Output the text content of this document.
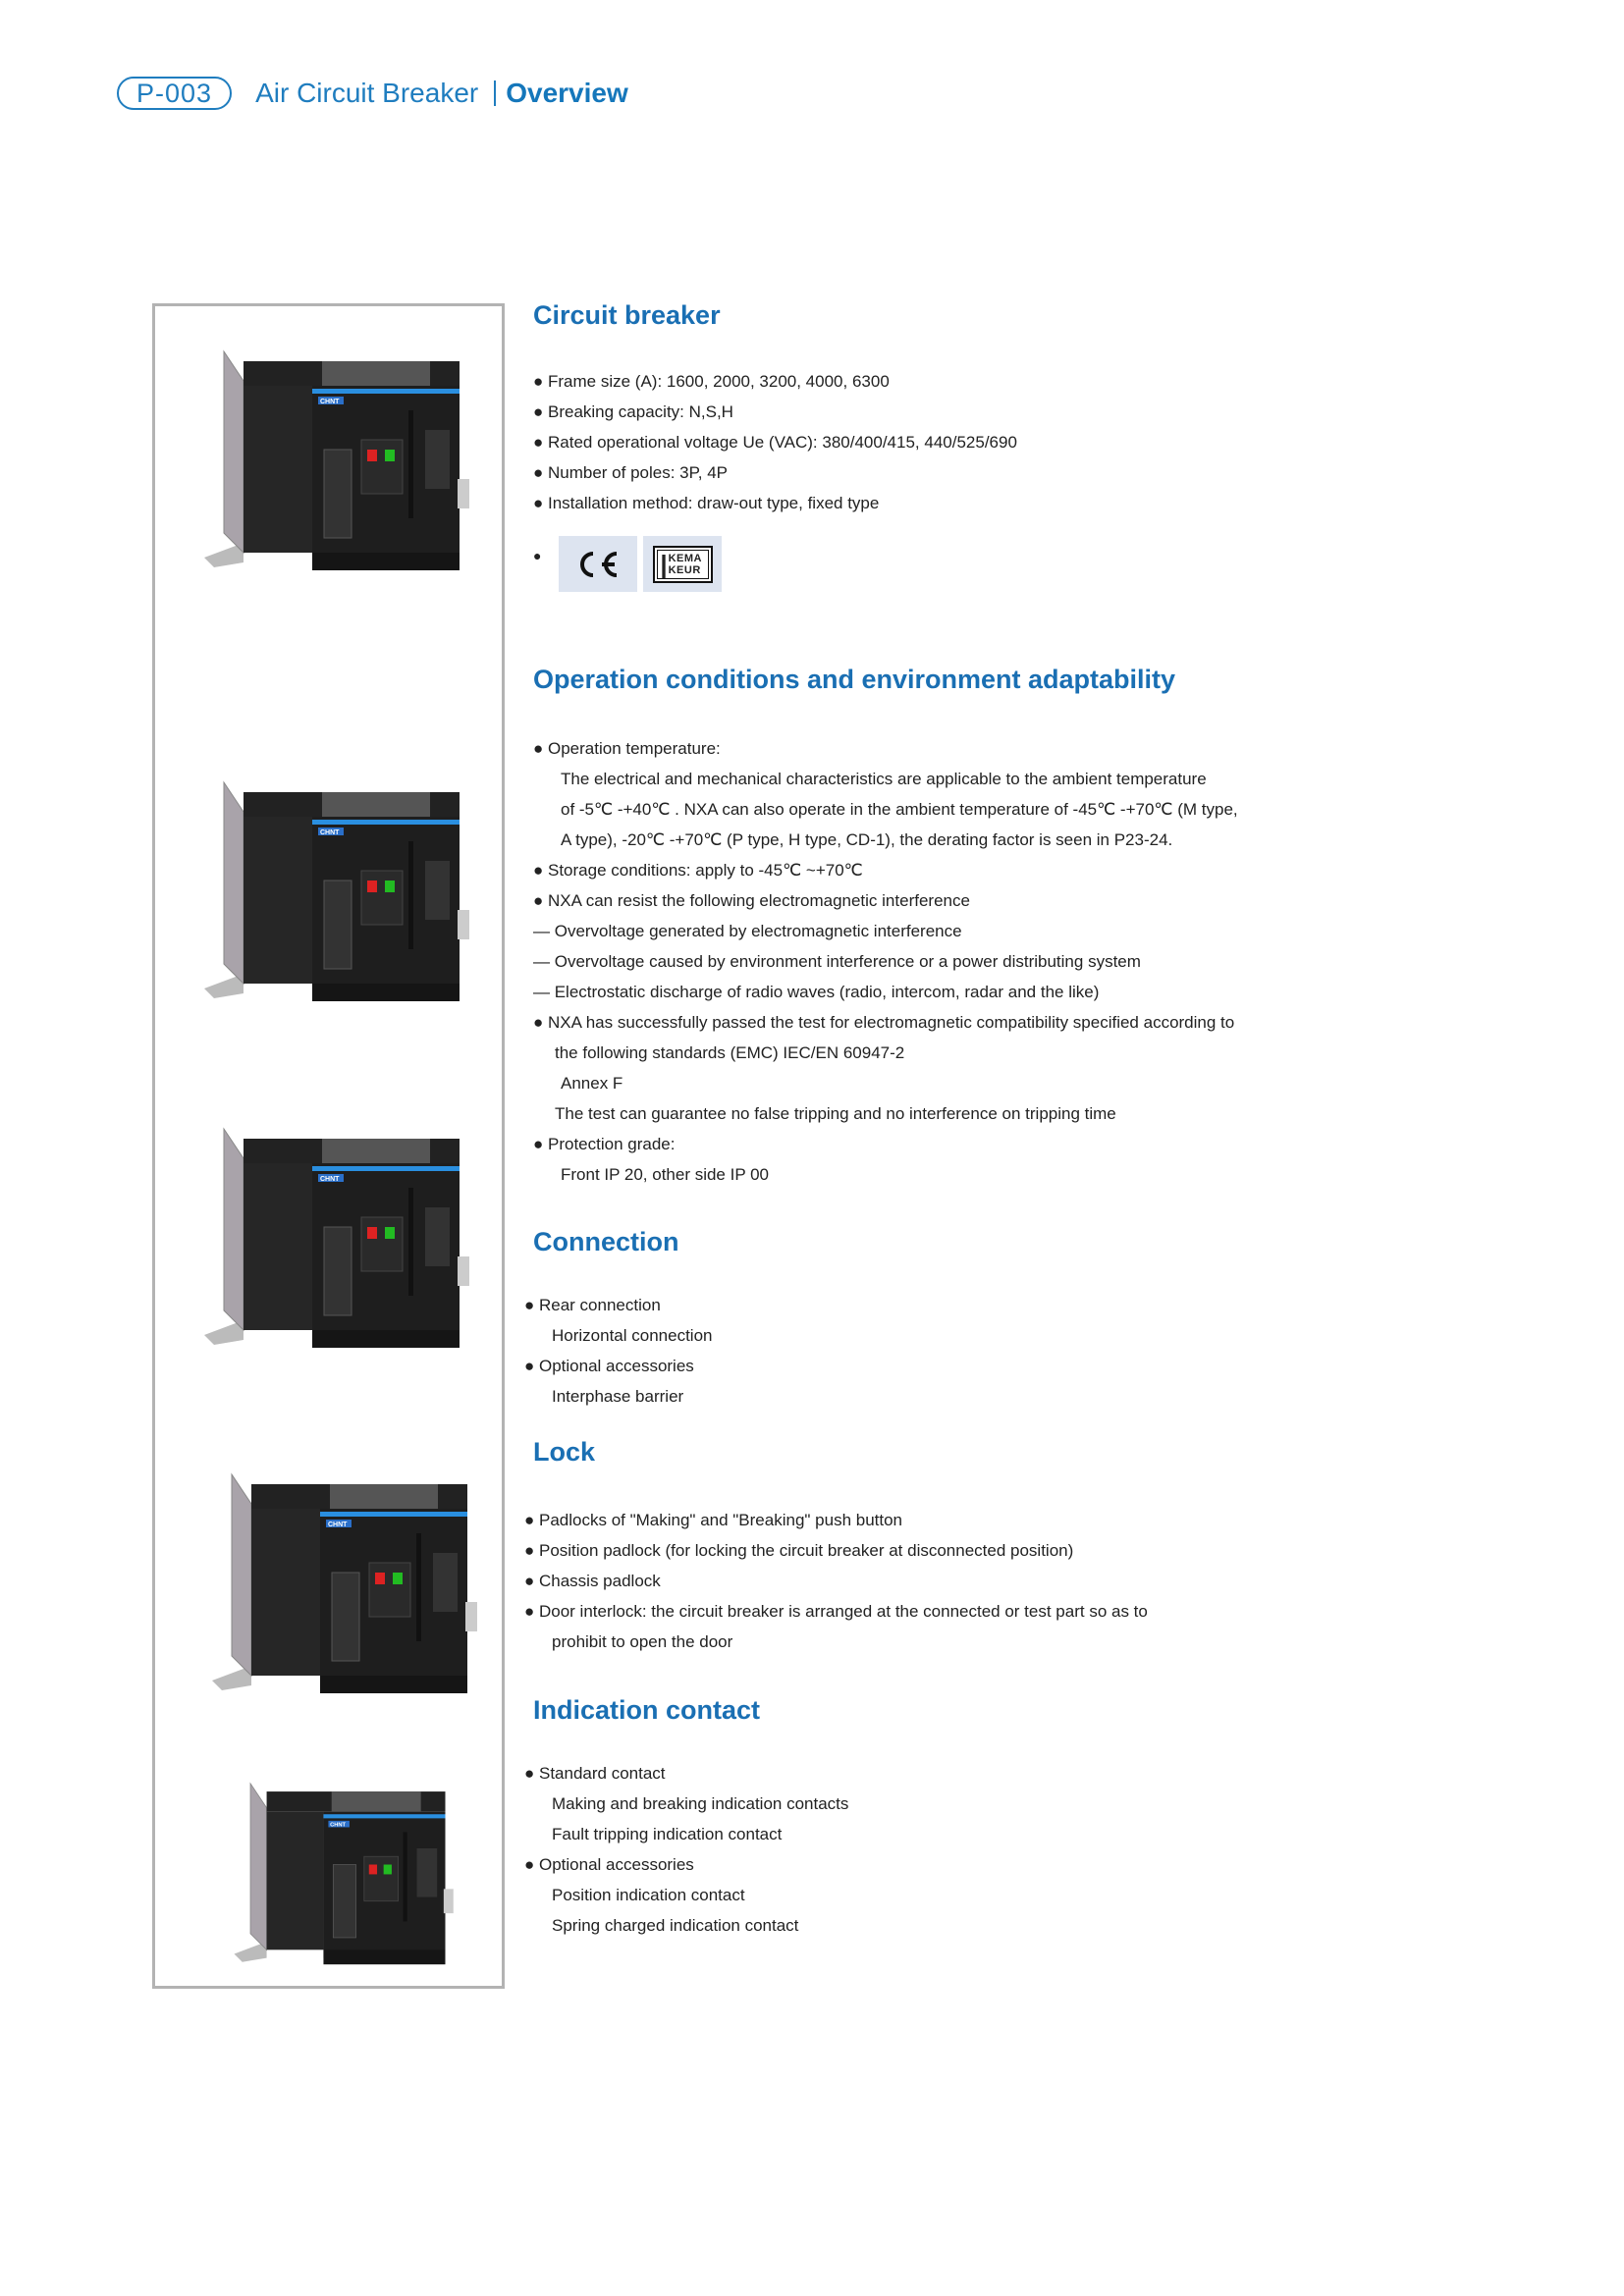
P-003	Air Circuit Breaker Overview
CHNT
CHNT
CHNT
CHNT
CHNT
Circuit breaker
● Frame size (A): 1600, 2000, 3200, 4000, 6300
● Breaking capacity: N,S,H
● Rated operational voltage Ue (VAC): 380/400/415, 440/525/690
● Number of poles: 3P, 4P
● Installation method: draw-out type, fixed type
●	| KEMA KEUR
Operation conditions and environment adaptability
● Operation temperature:
The electrical and mechanical characteristics are applicable to the ambient temperature
of -5℃ -+40℃ . NXA can also operate in the ambient temperature of -45℃ -+70℃ (M type,
A type), -20℃ -+70℃ (P type, H type, CD-1), the derating factor is seen in P23-24.
● Storage conditions: apply to -45℃ ~+70℃
● NXA can resist the following electromagnetic interference
— Overvoltage generated by electromagnetic interference
— Overvoltage caused by environment interference or a power distributing system
— Electrostatic discharge of radio waves (radio, intercom, radar and the like)
● NXA has successfully passed the test for electromagnetic compatibility specified according to
the following standards (EMC) IEC/EN 60947-2
Annex F
The test can guarantee no false tripping and no interference on tripping time
● Protection grade:
Front IP 20, other side IP 00
Connection
● Rear connection
Horizontal connection
● Optional accessories
Interphase barrier
Lock
● Padlocks of "Making" and "Breaking" push button
● Position padlock (for locking the circuit breaker at disconnected position)
● Chassis padlock
● Door interlock: the circuit breaker is arranged at the connected or test part so as to
prohibit to open the door
Indication contact
● Standard contact
Making and breaking indication contacts
Fault tripping indication contact
● Optional accessories
Position indication contact
Spring charged indication contact
